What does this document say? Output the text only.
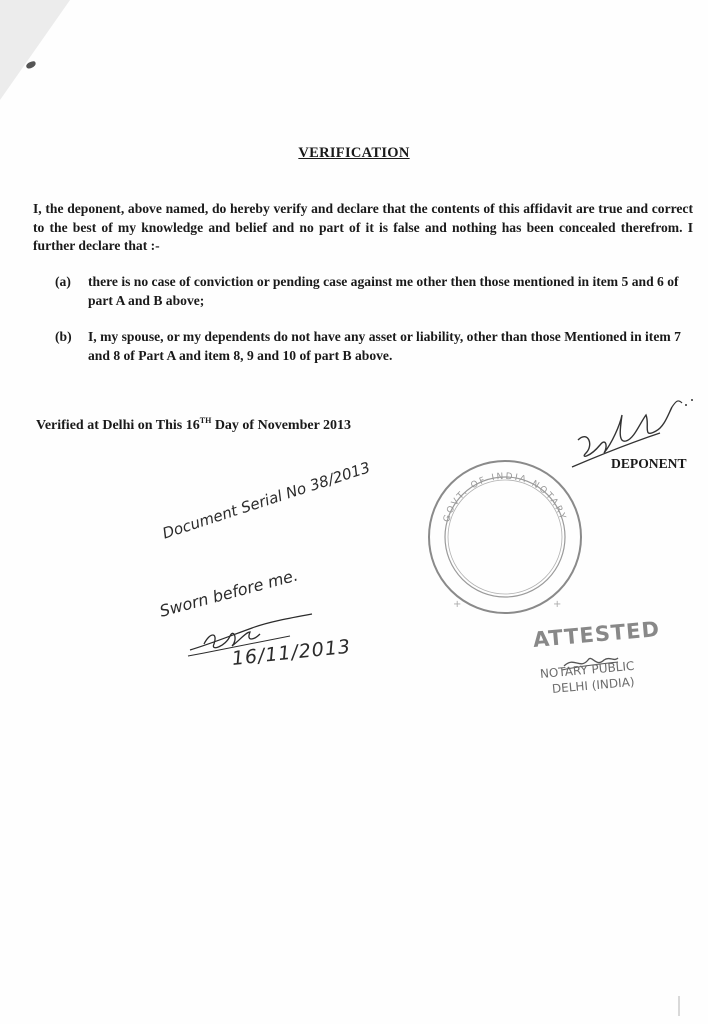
VERIFICATION
I, the deponent, above named, do hereby verify and declare that the contents of this affidavit are true and correct to the best of my knowledge and belief and no part of it is false and nothing has been concealed therefrom. I further declare that :-
(a) there is no case of conviction or pending case against me other then those mentioned in item 5 and 6 of part A and B above;
(b) I, my spouse, or my dependents do not have any asset or liability, other than those Mentioned in item 7 and 8 of Part A and item 8, 9 and 10 of part B above.
Verified at Delhi on This 16TH Day of November 2013
DEPONENT
GOVT. OF INDIA NOTARY
+	+
Document Serial No 38/2013
Sworn before me.
16/11/2013
ATTESTED
NOTARY PUBLIC
DELHI (INDIA)
